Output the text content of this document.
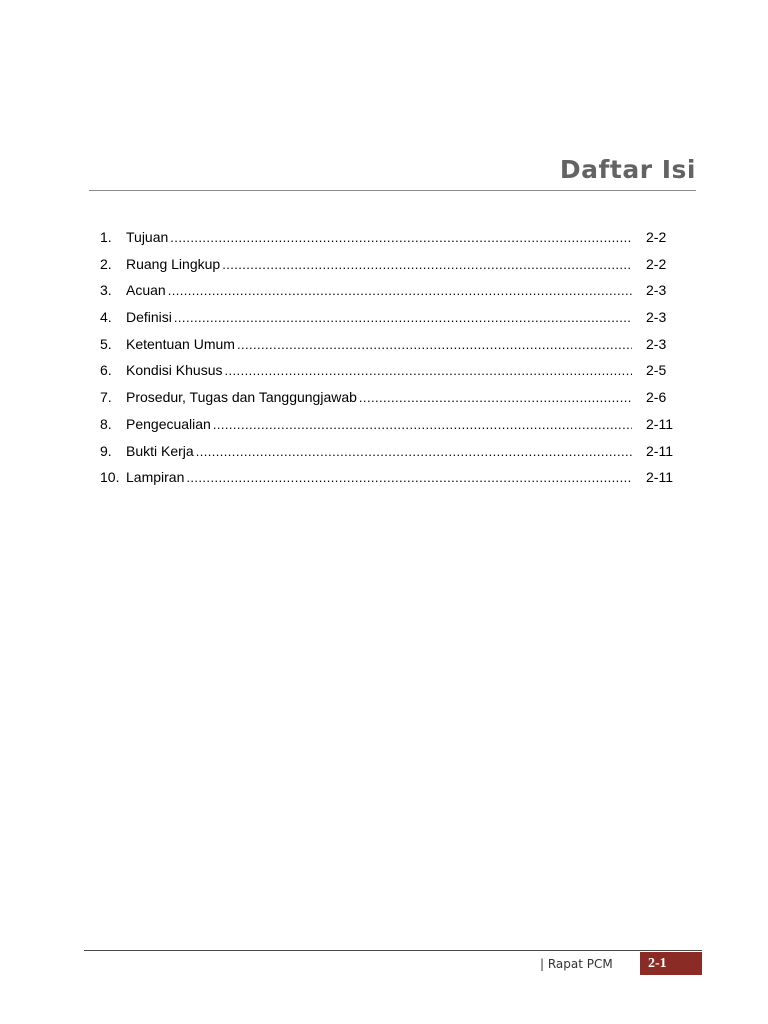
Daftar Isi
1.	Tujuan .....	2-2
2.	Ruang Lingkup .....	2-2
3.	Acuan .....	2-3
4.	Definisi .....	2-3
5.	Ketentuan Umum .....	2-3
6.	Kondisi Khusus .....	2-5
7.	Prosedur, Tugas dan Tanggungjawab .....	2-6
8.	Pengecualian .....	2-11
9.	Bukti Kerja .....	2-11
10. Lampiran .....	2-11
| Rapat PCM	2-1
